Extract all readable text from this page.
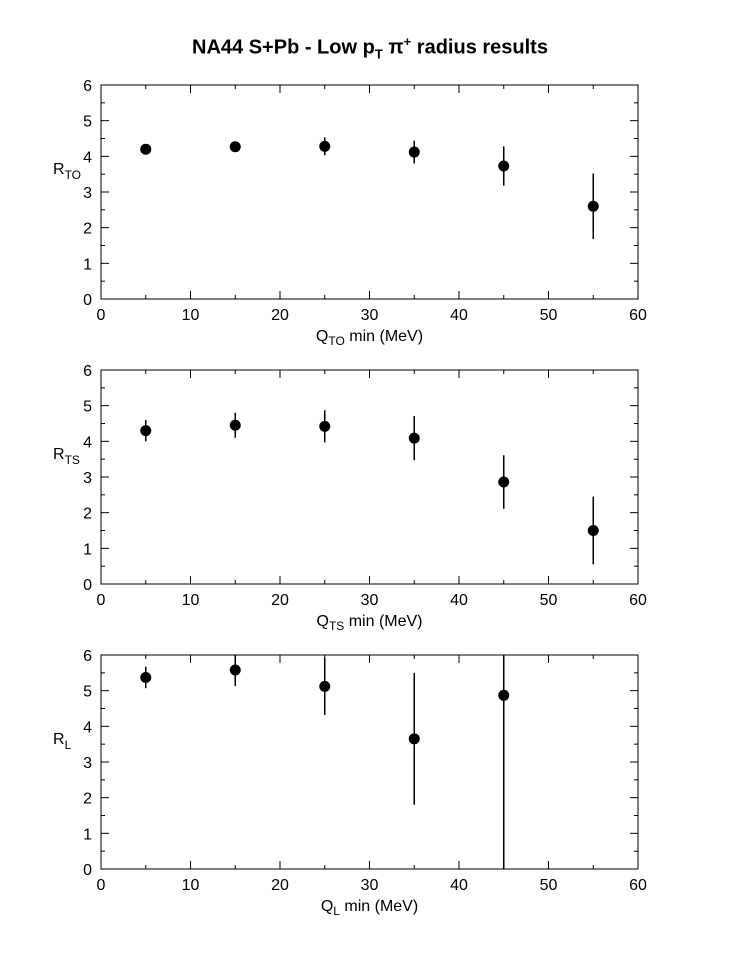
NA44 S+Pb - Low $p_T$ π+ radius results
0	10	20	30	40	50	60
0
1
2
3
4
5
6
$Q_{TO}$ min (MeV)
$R_{TO}$
0	10	20	30	40	50	60
0
1
2
3
4
5
6
$Q_{TS}$ min (MeV)
$R_{TS}$
0	10	20	30	40	50	60
0
1
2
3
4
5
6
$Q_L$ min (MeV)
$R_L$
